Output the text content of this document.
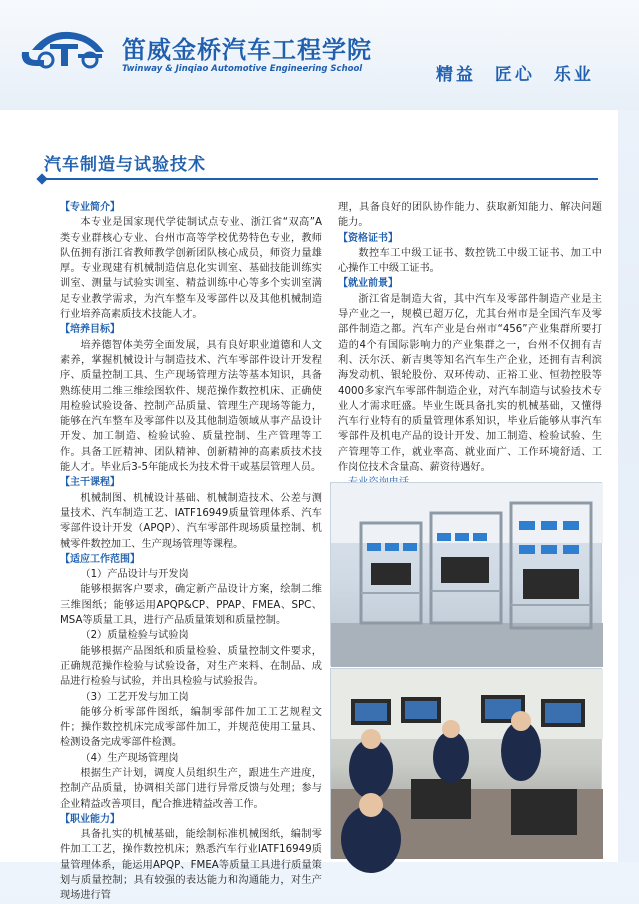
笛威金桥汽车工程学院
Twinway & Jinqiao Automotive Engineering School	精益 匠心 乐业
汽车制造与试验技术
【专业简介】
本专业是国家现代学徒制试点专业、浙江省“双高”A类专业群核心专业、台州市高等学校优势特色专业，教师队伍拥有浙江省教师教学创新团队核心成员，师资力量雄厚。专业现建有机械制造信息化实训室、基础技能训练实训室、测量与试验实训室、精益训练中心等多个实训室满足专业教学需求，为汽车整车及零部件以及其他机械制造行业培养高素质技术技能人才。
【培养目标】
培养德智体美劳全面发展，具有良好职业道德和人文素养，掌握机械设计与制造技术、汽车零部件设计开发程序、质量控制工具、生产现场管理方法等基本知识，具备熟练使用二维三维绘图软件、规范操作数控机床、正确使用检验试验设备、控制产品质量、管理生产现场等能力，能够在汽车整车及零部件以及其他制造领域从事产品设计开发、加工制造、检验试验、质量控制、生产管理等工作。具备工匠精神、团队精神、创新精神的高素质技术技能人才。毕业后3-5年能成长为技术骨干或基层管理人员。
【主干课程】
机械制图、机械设计基础、机械制造技术、公差与测量技术、汽车制造工艺、IATF16949质量管理体系、汽车零部件设计开发（APQP）、汽车零部件现场质量控制、机械零件数控加工、生产现场管理等课程。
【适应工作范围】
（1）产品设计与开发岗
能够根据客户要求，确定新产品设计方案，绘制二维三维图纸；能够运用APQP&CP、PPAP、FMEA、SPC、MSA等质量工具，进行产品质量策划和质量控制。
（2）质量检验与试验岗
能够根据产品图纸和质量检验、质量控制文件要求，正确规范操作检验与试验设备，对生产来料、在制品、成品进行检验与试验，并出具检验与试验报告。
（3）工艺开发与加工岗
能够分析零部件图纸，编制零部件加工工艺规程文件；操作数控机床完成零部件加工，并规范使用工量具、检测设备完成零部件检测。
（4）生产现场管理岗
根据生产计划，调度人员组织生产，跟进生产进度，控制产品质量，协调相关部门进行异常反馈与处理；参与企业精益改善项目，配合推进精益改善工作。
【职业能力】
具备扎实的机械基础，能绘制标准机械图纸，编制零件加工工艺，操作数控机床；熟悉汽车行业IATF16949质量管理体系，能运用APQP、FMEA等质量工具进行质量策划与质量控制；具有较强的表达能力和沟通能力，对生产现场进行管
理，具备良好的团队协作能力、获取新知能力、解决问题能力。
【资格证书】
数控车工中级工证书、数控铣工中级工证书、加工中心操作工中级工证书。
【就业前景】
浙江省是制造大省，其中汽车及零部件制造产业是主导产业之一，规模已超万亿，尤其台州市是全国汽车及零部件制造之都。汽车产业是台州市“456”产业集群所要打造的4个有国际影响力的产业集群之一，台州不仅拥有吉利、沃尔沃、新吉奥等知名汽车生产企业，还拥有吉利滨海发动机、银轮股份、双环传动、正裕工业、恒勃控股等4000多家汽车零部件制造企业，对汽车制造与试验技术专业人才需求旺盛。毕业生既具备扎实的机械基础，又懂得汽车行业特有的质量管理体系知识，毕业后能够从事汽车零部件及机电产品的设计开发、加工制造、检验试验、生产管理等工作，就业率高、就业面广、工作环境舒适、工作岗位技术含量高、薪资待遇好。
